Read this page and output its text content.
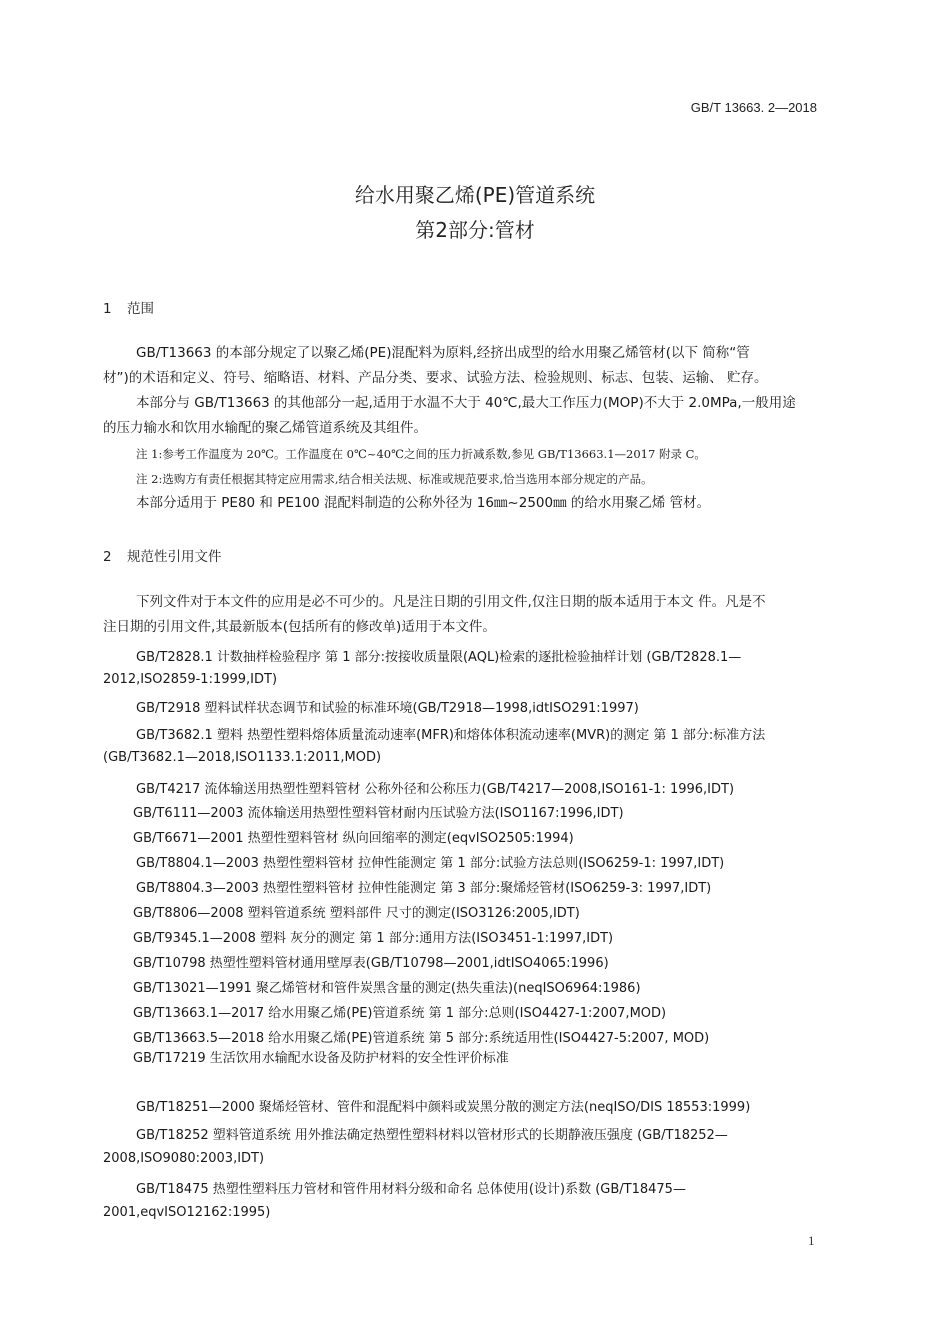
GB/T 13663. 2—2018
给水用聚乙烯(PE)管道系统
第2部分:管材
1 范围
GB/T13663 的本部分规定了以聚乙烯(PE)混配料为原料,经挤出成型的给水用聚乙烯管材(以下 简称“管
材”)的术语和定义、符号、缩略语、材料、产品分类、要求、试验方法、检验规则、标志、包装、运输、 贮存。
本部分与 GB/T13663 的其他部分一起,适用于水温不大于 40℃,最大工作压力(MOP)不大于 2.0MPa,一般用途
的压力输水和饮用水输配的聚乙烯管道系统及其组件。
注 1:参考工作温度为 20℃。工作温度在 0℃~40℃之间的压力折减系数,参见 GB/T13663.1—2017 附录 C。
注 2:选购方有责任根据其特定应用需求,结合相关法规、标准或规范要求,恰当选用本部分规定的产品。
本部分适用于 PE80 和 PE100 混配料制造的公称外径为 16㎜~2500㎜ 的给水用聚乙烯 管材。
2 规范性引用文件
下列文件对于本文件的应用是必不可少的。凡是注日期的引用文件,仅注日期的版本适用于本文 件。凡是不
注日期的引用文件,其最新版本(包括所有的修改单)适用于本文件。
GB/T2828.1 计数抽样检验程序 第 1 部分:按接收质量限(AQL)检索的逐批检验抽样计划 (GB/T2828.1—
2012,ISO2859-1:1999,IDT)
GB/T2918 塑料试样状态调节和试验的标准环境(GB/T2918—1998,idtISO291:1997)
GB/T3682.1 塑料 热塑性塑料熔体质量流动速率(MFR)和熔体体积流动速率(MVR)的测定 第 1 部分:标准方法
(GB/T3682.1—2018,ISO1133.1:2011,MOD)
GB/T4217 流体输送用热塑性塑料管材 公称外径和公称压力(GB/T4217—2008,ISO161-1: 1996,IDT)
GB/T6111—2003 流体输送用热塑性塑料管材耐内压试验方法(ISO1167:1996,IDT)
GB/T6671—2001 热塑性塑料管材 纵向回缩率的测定(eqvISO2505:1994)
GB/T8804.1—2003 热塑性塑料管材 拉伸性能测定 第 1 部分:试验方法总则(ISO6259-1: 1997,IDT)
GB/T8804.3—2003 热塑性塑料管材 拉伸性能测定 第 3 部分:聚烯烃管材(ISO6259-3: 1997,IDT)
GB/T8806—2008 塑料管道系统 塑料部件 尺寸的测定(ISO3126:2005,IDT)
GB/T9345.1—2008 塑料 灰分的测定 第 1 部分:通用方法(ISO3451-1:1997,IDT)
GB/T10798 热塑性塑料管材通用壁厚表(GB/T10798—2001,idtISO4065:1996)
GB/T13021—1991 聚乙烯管材和管件炭黑含量的测定(热失重法)(neqISO6964:1986)
GB/T13663.1—2017 给水用聚乙烯(PE)管道系统 第 1 部分:总则(ISO4427-1:2007,MOD)
GB/T13663.5—2018 给水用聚乙烯(PE)管道系统 第 5 部分:系统适用性(ISO4427-5:2007, MOD)
GB/T17219 生活饮用水输配水设备及防护材料的安全性评价标准
GB/T18251—2000 聚烯烃管材、管件和混配料中颜料或炭黑分散的测定方法(neqISO/DIS 18553:1999)
GB/T18252 塑料管道系统 用外推法确定热塑性塑料材料以管材形式的长期静液压强度 (GB/T18252—
2008,ISO9080:2003,IDT)
GB/T18475 热塑性塑料压力管材和管件用材料分级和命名 总体使用(设计)系数 (GB/T18475—
2001,eqvISO12162:1995)
1
